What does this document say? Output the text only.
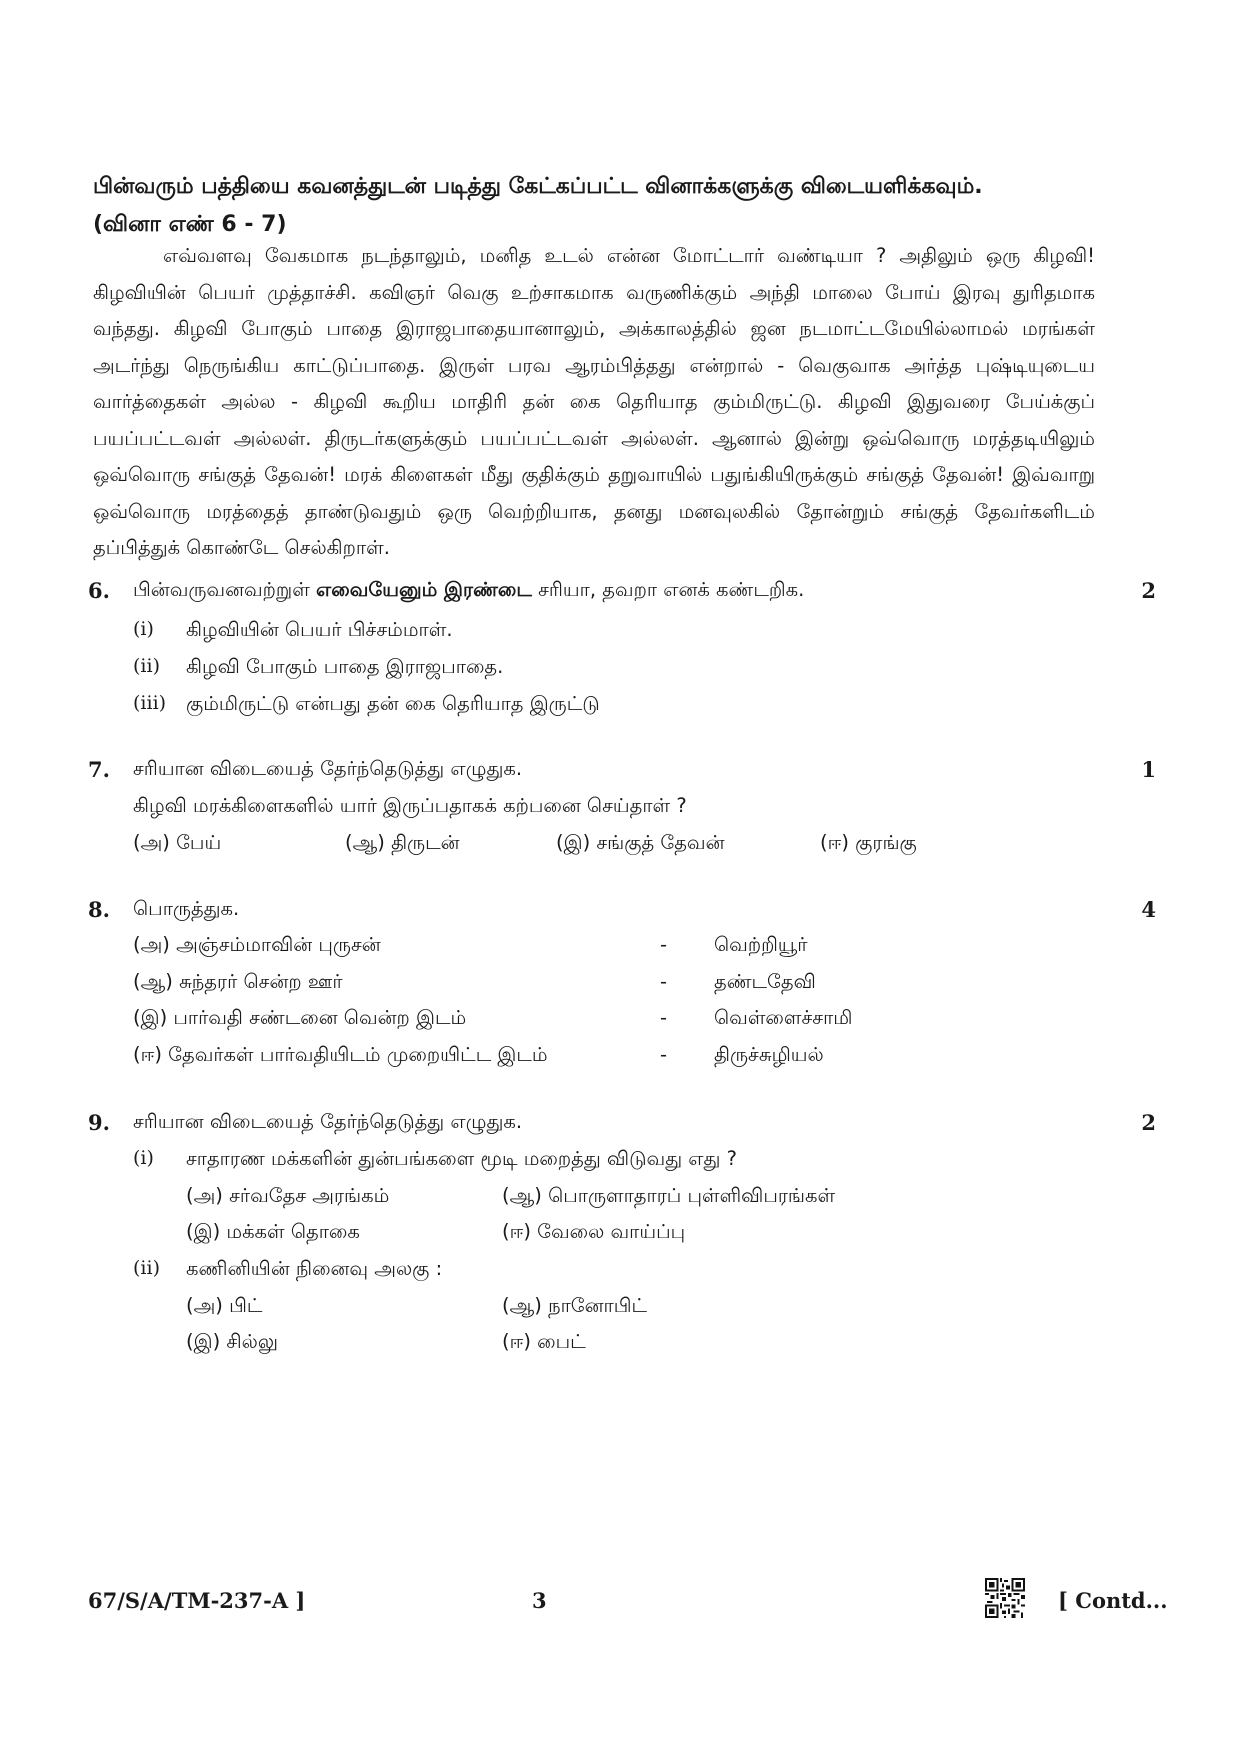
பின்வரும் பத்தியை கவனத்துடன் படித்து கேட்கப்பட்ட வினாக்களுக்கு விடையளிக்கவும்.
(வினா எண் 6 - 7)
எவ்வளவு வேகமாக நடந்தாலும், மனித உடல் என்ன மோட்டார் வண்டியா ? அதிலும் ஒரு கிழவி! கிழவியின் பெயர் முத்தாச்சி. கவிஞர் வெகு உற்சாகமாக வருணிக்கும் அந்தி மாலை போய் இரவு துரிதமாக வந்தது. கிழவி போகும் பாதை இராஜபாதையானாலும், அக்காலத்தில் ஜன நடமாட்டமேயில்லாமல் மரங்கள் அடர்ந்து நெருங்கிய காட்டுப்பாதை. இருள் பரவ ஆரம்பித்தது என்றால் - வெகுவாக அர்த்த புஷ்டியுடைய வார்த்தைகள் அல்ல - கிழவி கூறிய மாதிரி தன் கை தெரியாத கும்மிருட்டு. கிழவி இதுவரை பேய்க்குப் பயப்பட்டவள் அல்லள். திருடர்களுக்கும் பயப்பட்டவள் அல்லள். ஆனால் இன்று ஒவ்வொரு மரத்தடியிலும் ஒவ்வொரு சங்குத் தேவன்! மரக் கிளைகள் மீது குதிக்கும் தறுவாயில் பதுங்கியிருக்கும் சங்குத் தேவன்! இவ்வாறு ஒவ்வொரு மரத்தைத் தாண்டுவதும் ஒரு வெற்றியாக, தனது மனவுலகில் தோன்றும் சங்குத் தேவர்களிடம் தப்பித்துக் கொண்டே செல்கிறாள்.
6. பின்வருவனவற்றுள் எவையேனும் இரண்டை சரியா, தவறா எனக் கண்டறிக.	2
(i) கிழவியின் பெயர் பிச்சம்மாள்.
(ii) கிழவி போகும் பாதை இராஜபாதை.
(iii) கும்மிருட்டு என்பது தன் கை தெரியாத இருட்டு
7. சரியான விடையைத் தேர்ந்தெடுத்து எழுதுக.	1
கிழவி மரக்கிளைகளில் யார் இருப்பதாகக் கற்பனை செய்தாள் ?
(அ) பேய்	(ஆ) திருடன்	(இ) சங்குத் தேவன்	(ஈ) குரங்கு
8. பொருத்துக.	4
(அ) அஞ்சம்மாவின் புருசன்	- வெற்றியூர்
(ஆ) சுந்தரர் சென்ற ஊர்	- தண்டதேவி
(இ) பார்வதி சண்டனை வென்ற இடம்	- வெள்ளைச்சாமி
(ஈ) தேவர்கள் பார்வதியிடம் முறையிட்ட இடம்	- திருச்சுழியல்
9. சரியான விடையைத் தேர்ந்தெடுத்து எழுதுக.	2
(i) சாதாரண மக்களின் துன்பங்களை மூடி மறைத்து விடுவது எது ?
(அ) சர்வதேச அரங்கம்	(ஆ) பொருளாதாரப் புள்ளிவிபரங்கள்
(இ) மக்கள் தொகை	(ஈ) வேலை வாய்ப்பு
(ii) கணினியின் நினைவு அலகு :
(அ) பிட்	(ஆ) நானோபிட்
(இ) சில்லு	(ஈ) பைட்
67/S/A/TM-237-A ]	3	[ Contd...
